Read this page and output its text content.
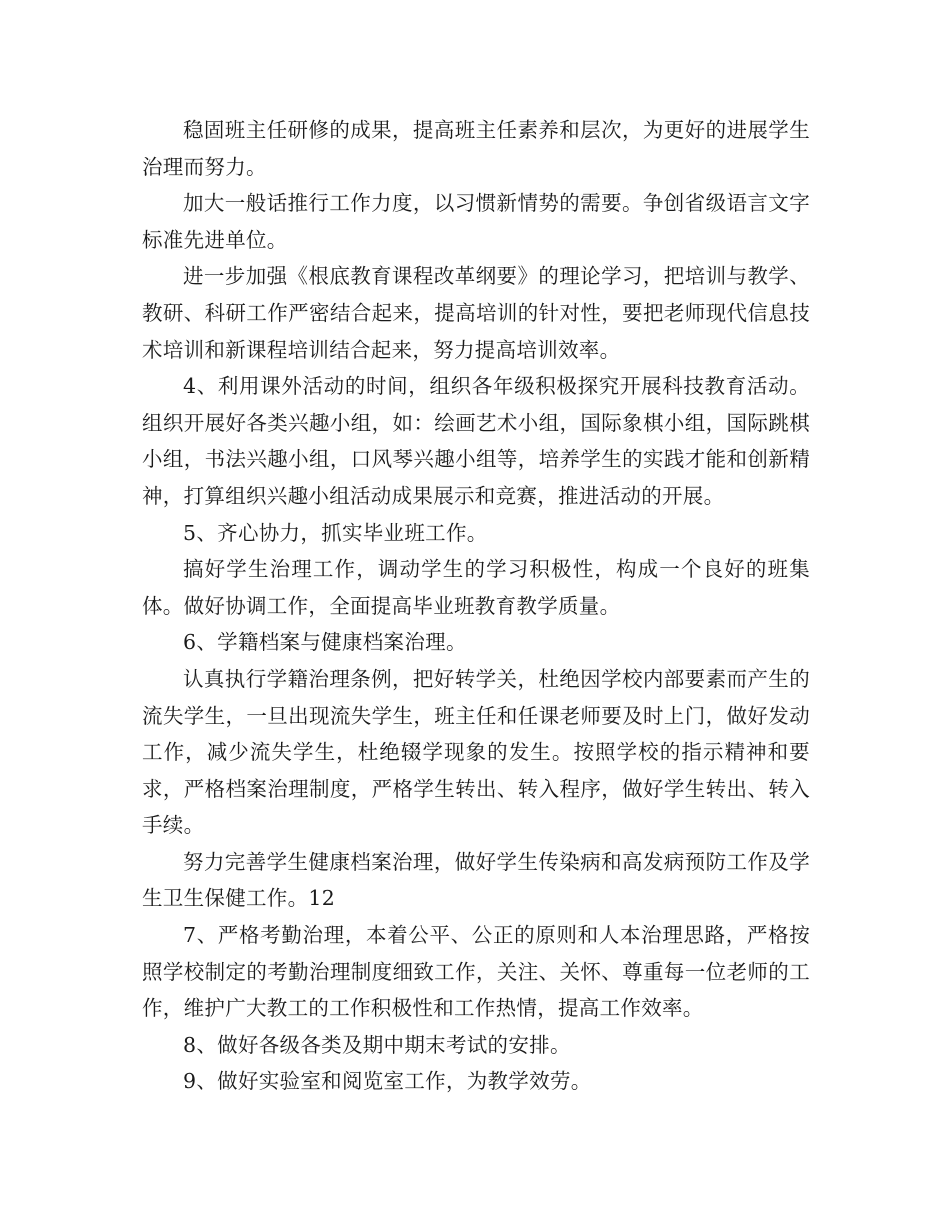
稳固班主任研修的成果，提高班主任素养和层次，为更好的进展学生治理而努力。

加大一般话推行工作力度，以习惯新情势的需要。争创省级语言文字标准先进单位。

进一步加强《根底教育课程改革纲要》的理论学习，把培训与教学、教研、科研工作严密结合起来，提高培训的针对性，要把老师现代信息技术培训和新课程培训结合起来，努力提高培训效率。

4、利用课外活动的时间，组织各年级积极探究开展科技教育活动。组织开展好各类兴趣小组，如：绘画艺术小组，国际象棋小组，国际跳棋小组，书法兴趣小组，口风琴兴趣小组等，培养学生的实践才能和创新精神，打算组织兴趣小组活动成果展示和竞赛，推进活动的开展。

5、齐心协力，抓实毕业班工作。

搞好学生治理工作，调动学生的学习积极性，构成一个良好的班集体。做好协调工作，全面提高毕业班教育教学质量。

6、学籍档案与健康档案治理。

认真执行学籍治理条例，把好转学关，杜绝因学校内部要素而产生的流失学生，一旦出现流失学生，班主任和任课老师要及时上门，做好发动工作，减少流失学生，杜绝辍学现象的发生。按照学校的指示精神和要求，严格档案治理制度，严格学生转出、转入程序，做好学生转出、转入手续。

努力完善学生健康档案治理，做好学生传染病和高发病预防工作及学生卫生保健工作。12

7、严格考勤治理，本着公平、公正的原则和人本治理思路，严格按照学校制定的考勤治理制度细致工作，关注、关怀、尊重每一位老师的工作，维护广大教工的工作积极性和工作热情，提高工作效率。

8、做好各级各类及期中期末考试的安排。

9、做好实验室和阅览室工作，为教学效劳。
